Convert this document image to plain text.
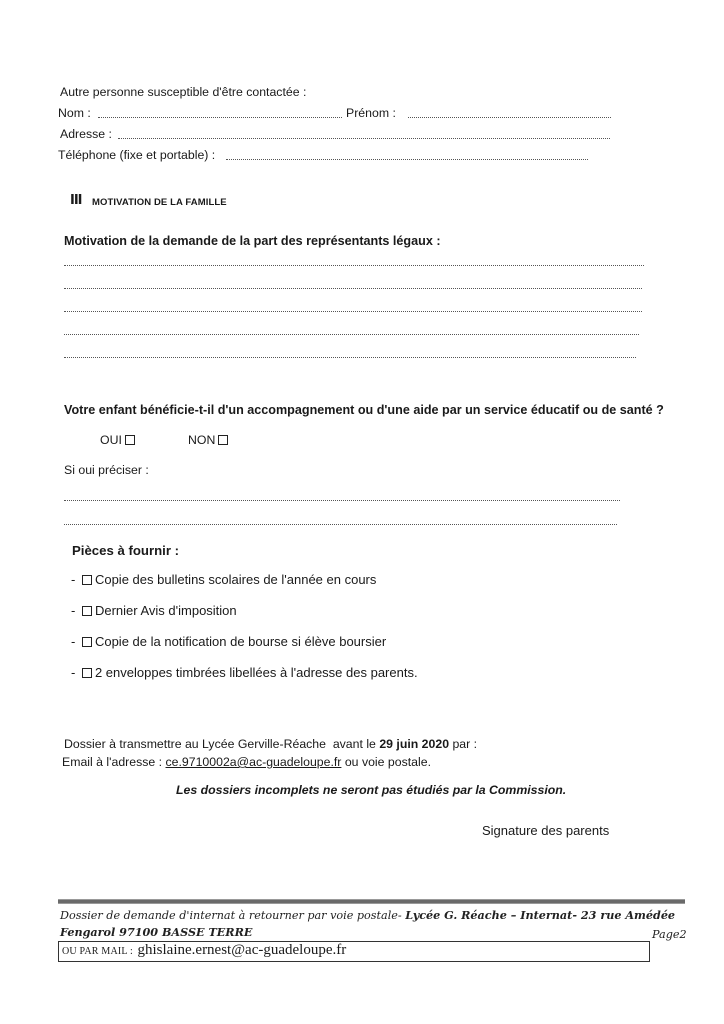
Autre personne susceptible d'être contactée :
Nom :	Prénom :
Adresse :
Téléphone (fixe et portable) :
III MOTIVATION DE LA FAMILLE
Motivation de la demande de la part des représentants légaux :
Votre enfant bénéficie-t-il d'un accompagnement ou d'une aide par un service éducatif ou de santé ?
OUI	NON
Si oui préciser :
Pièces à fournir :
- Copie des bulletins scolaires de l'année en cours
- Dernier Avis d'imposition
- Copie de la notification de bourse si élève boursier
- 2 enveloppes timbrées libellées à l'adresse des parents.
Dossier à transmettre au Lycée Gerville-Réache  avant le 29 juin 2020 par :
Email à l'adresse : ce.9710002a@ac-guadeloupe.fr ou voie postale.
Les dossiers incomplets ne seront pas étudiés par la Commission.
Signature des parents
Dossier de demande d'internat à retourner par voie postale- Lycée G. Réache – Internat- 23 rue Amédée
Fengarol 97100 BASSE TERRE	Page2
OU PAR MAIL : ghislaine.ernest@ac-guadeloupe.fr
